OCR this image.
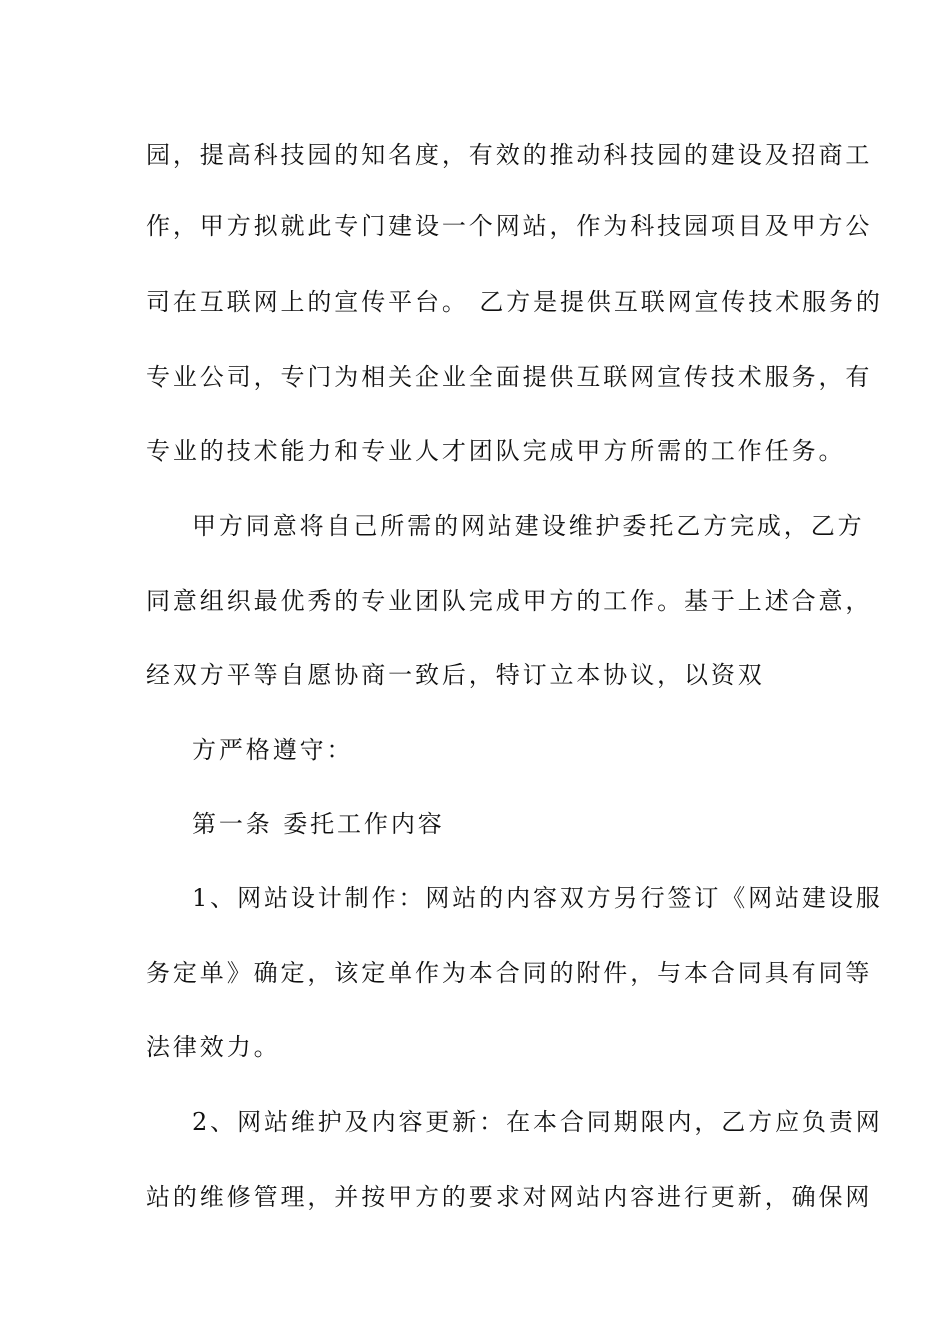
园，提高科技园的知名度，有效的推动科技园的建设及招商工
作，甲方拟就此专门建设一个网站，作为科技园项目及甲方公
司在互联网上的宣传平台。 乙方是提供互联网宣传技术服务的
专业公司，专门为相关企业全面提供互联网宣传技术服务，有
专业的技术能力和专业人才团队完成甲方所需的工作任务。
甲方同意将自己所需的网站建设维护委托乙方完成，乙方
同意组织最优秀的专业团队完成甲方的工作。基于上述合意，
经双方平等自愿协商一致后，特订立本协议，以资双
方严格遵守：
第一条 委托工作内容
1、网站设计制作：网站的内容双方另行签订《网站建设服
务定单》确定，该定单作为本合同的附件，与本合同具有同等
法律效力。
2、网站维护及内容更新：在本合同期限内，乙方应负责网
站的维修管理，并按甲方的要求对网站内容进行更新，确保网
